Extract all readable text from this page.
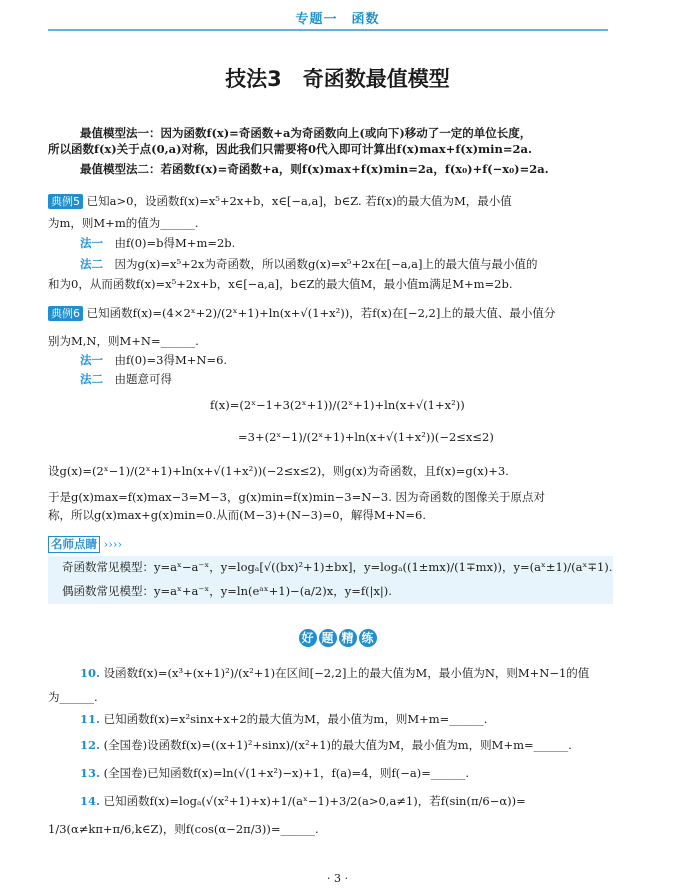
专题一　函数
技法3　奇函数最值模型
最值模型法一：因为函数f(x)=奇函数+a为奇函数向上(或向下)移动了一定的单位长度，
所以函数f(x)关于点(0,a)对称，因此我们只需要将0代入即可计算出f(x)max+f(x)min=2a.
最值模型法二：若函数f(x)=奇函数+a，则f(x)max+f(x)min=2a，f(x₀)+f(−x₀)=2a.
典例5 已知a>0，设函数f(x)=x⁵+2x+b，x∈[−a,a]，b∈Z. 若f(x)的最大值为M，最小值
为m，则M+m的值为______.
法一　 由f(0)=b得M+m=2b.
法二　 因为g(x)=x⁵+2x为奇函数，所以函数g(x)=x⁵+2x在[−a,a]上的最大值与最小值的
和为0，从而函数f(x)=x⁵+2x+b，x∈[−a,a]，b∈Z的最大值M，最小值m满足M+m=2b.
典例6 已知函数f(x)=(4×2ˣ+2)/(2ˣ+1)+ln(x+√(1+x²))，若f(x)在[−2,2]上的最大值、最小值分
别为M,N，则M+N=______.
法一　 由f(0)=3得M+N=6.
法二　 由题意可得
f(x)=(2ˣ−1+3(2ˣ+1))/(2ˣ+1)+ln(x+√(1+x²))
=3+(2ˣ−1)/(2ˣ+1)+ln(x+√(1+x²))(−2≤x≤2)
设g(x)=(2ˣ−1)/(2ˣ+1)+ln(x+√(1+x²))(−2≤x≤2)，则g(x)为奇函数，且f(x)=g(x)+3.
于是g(x)max=f(x)max−3=M−3，g(x)min=f(x)min−3=N−3. 因为奇函数的图像关于原点对
称，所以g(x)max+g(x)min=0.从而(M−3)+(N−3)=0，解得M+N=6.
名师点睛 ››››
奇函数常见模型：y=aˣ−a⁻ˣ，y=logₐ[√((bx)²+1)±bx]，y=logₐ((1±mx)/(1∓mx))，y=(aˣ±1)/(aˣ∓1).
偶函数常见模型：y=aˣ+a⁻ˣ，y=ln(eᵃˣ+1)−(a/2)x，y=f(|x|).
好 题 精 练
10. 设函数f(x)=(x³+(x+1)²)/(x²+1)在区间[−2,2]上的最大值为M，最小值为N，则M+N−1的值
为______.
11. 已知函数f(x)=x²sinx+x+2的最大值为M，最小值为m，则M+m=______.
12. (全国卷)设函数f(x)=((x+1)²+sinx)/(x²+1)的最大值为M，最小值为m，则M+m=______.
13. (全国卷)已知函数f(x)=ln(√(1+x²)−x)+1，f(a)=4，则f(−a)=______.
14. 已知函数f(x)=logₐ(√(x²+1)+x)+1/(aˣ−1)+3/2(a>0,a≠1)，若f(sin(π/6−α))=
1/3(α≠kπ+π/6,k∈Z)，则f(cos(α−2π/3))=______.
· 3 ·
